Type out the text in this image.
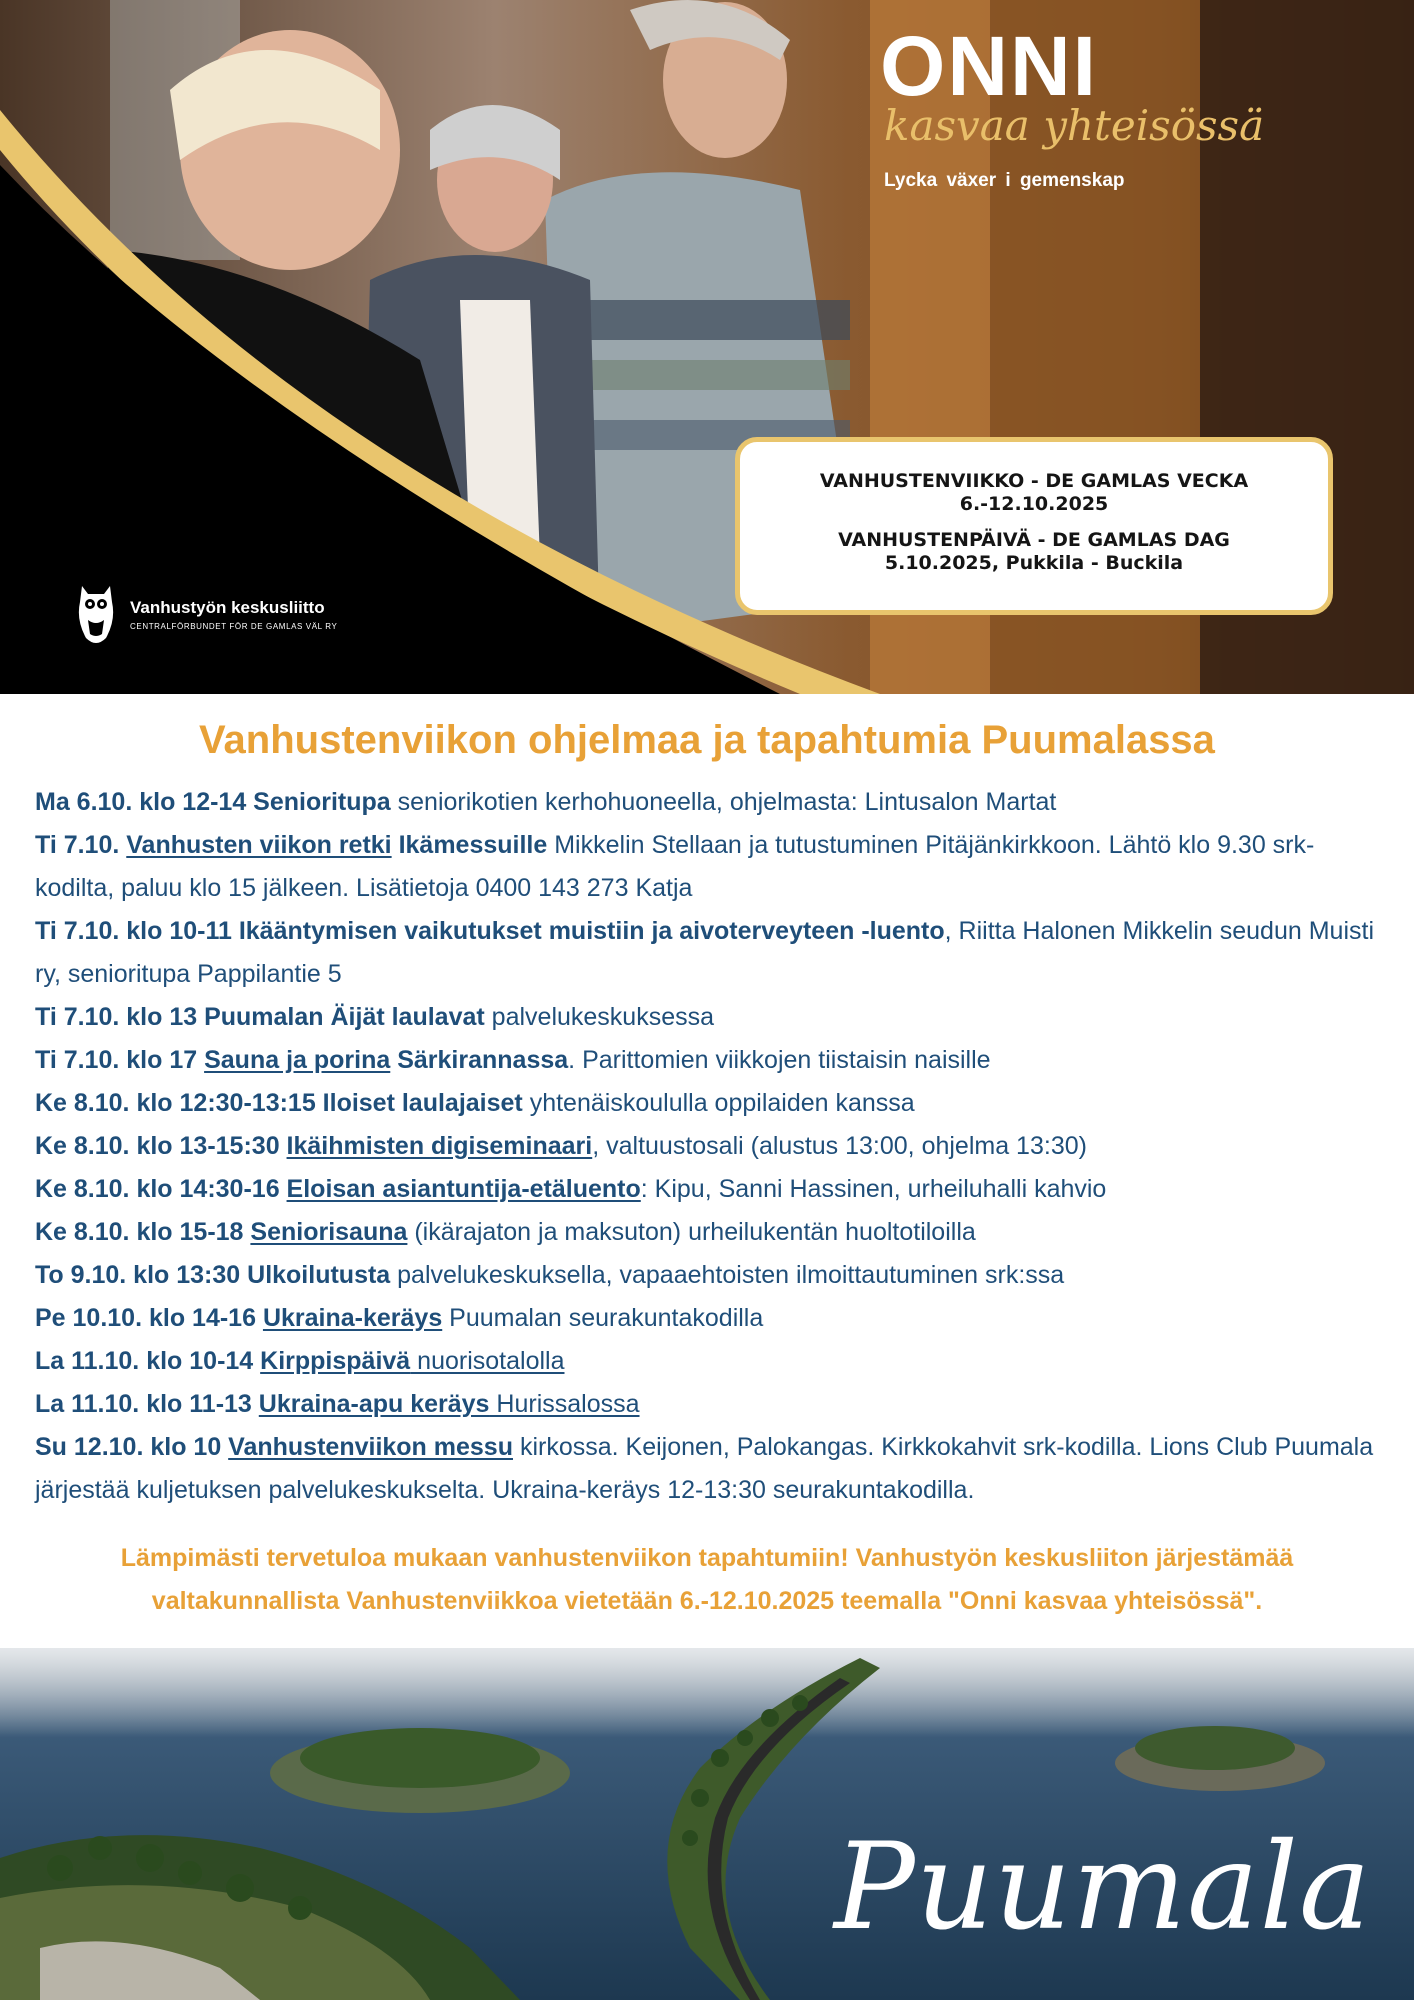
ONNI
kasvaa yhteisössä
Lycka växer i gemenskap
VANHUSTENVIIKKO - DE GAMLAS VECKA
6.-12.10.2025
VANHUSTENPÄIVÄ - DE GAMLAS DAG
5.10.2025, Pukkila - Buckila
Vanhustyön keskusliitto
CENTRALFÖRBUNDET FÖR DE GAMLAS VÄL RY
Vanhustenviikon ohjelmaa ja tapahtumia Puumalassa

Ma 6.10. klo 12-14 Senioritupa seniorikotien kerhohuoneella, ohjelmasta: Lintusalon Martat

Ti 7.10. Vanhusten viikon retki Ikämessuille Mikkelin Stellaan ja tutustuminen Pitäjänkirkkoon. Lähtö klo 9.30 srk-kodilta, paluu klo 15 jälkeen. Lisätietoja 0400 143 273 Katja

Ti 7.10. klo 10-11 Ikääntymisen vaikutukset muistiin ja aivoterveyteen -luento, Riitta Halonen Mikkelin seudun Muisti ry, senioritupa Pappilantie 5

Ti 7.10. klo 13 Puumalan Äijät laulavat palvelukeskuksessa

Ti 7.10. klo 17 Sauna ja porina Särkirannassa. Parittomien viikkojen tiistaisin naisille

Ke 8.10. klo 12:30-13:15 Iloiset laulajaiset yhtenäiskoululla oppilaiden kanssa

Ke 8.10. klo 13-15:30 Ikäihmisten digiseminaari, valtuustosali (alustus 13:00, ohjelma 13:30)

Ke 8.10. klo 14:30-16 Eloisan asiantuntija-etäluento: Kipu, Sanni Hassinen, urheiluhalli kahvio

Ke 8.10. klo 15-18 Seniorisauna (ikärajaton ja maksuton) urheilukentän huoltotiloilla

To 9.10. klo 13:30 Ulkoilutusta palvelukeskuksella, vapaaehtoisten ilmoittautuminen srk:ssa

Pe 10.10. klo 14-16 Ukraina-keräys Puumalan seurakuntakodilla

La 11.10. klo 10-14 Kirppispäivä nuorisotalolla

La 11.10. klo 11-13 Ukraina-apu keräys Hurissalossa

Su 12.10. klo 10 Vanhustenviikon messu kirkossa. Keijonen, Palokangas. Kirkkokahvit srk-kodilla. Lions Club Puumala järjestää kuljetuksen palvelukeskukselta. Ukraina-keräys 12-13:30 seurakuntakodilla.

Lämpimästi tervetuloa mukaan vanhustenviikon tapahtumiin! Vanhustyön keskusliiton järjestämää valtakunnallista Vanhustenviikkoa vietetään 6.-12.10.2025 teemalla "Onni kasvaa yhteisössä".
Puumala
